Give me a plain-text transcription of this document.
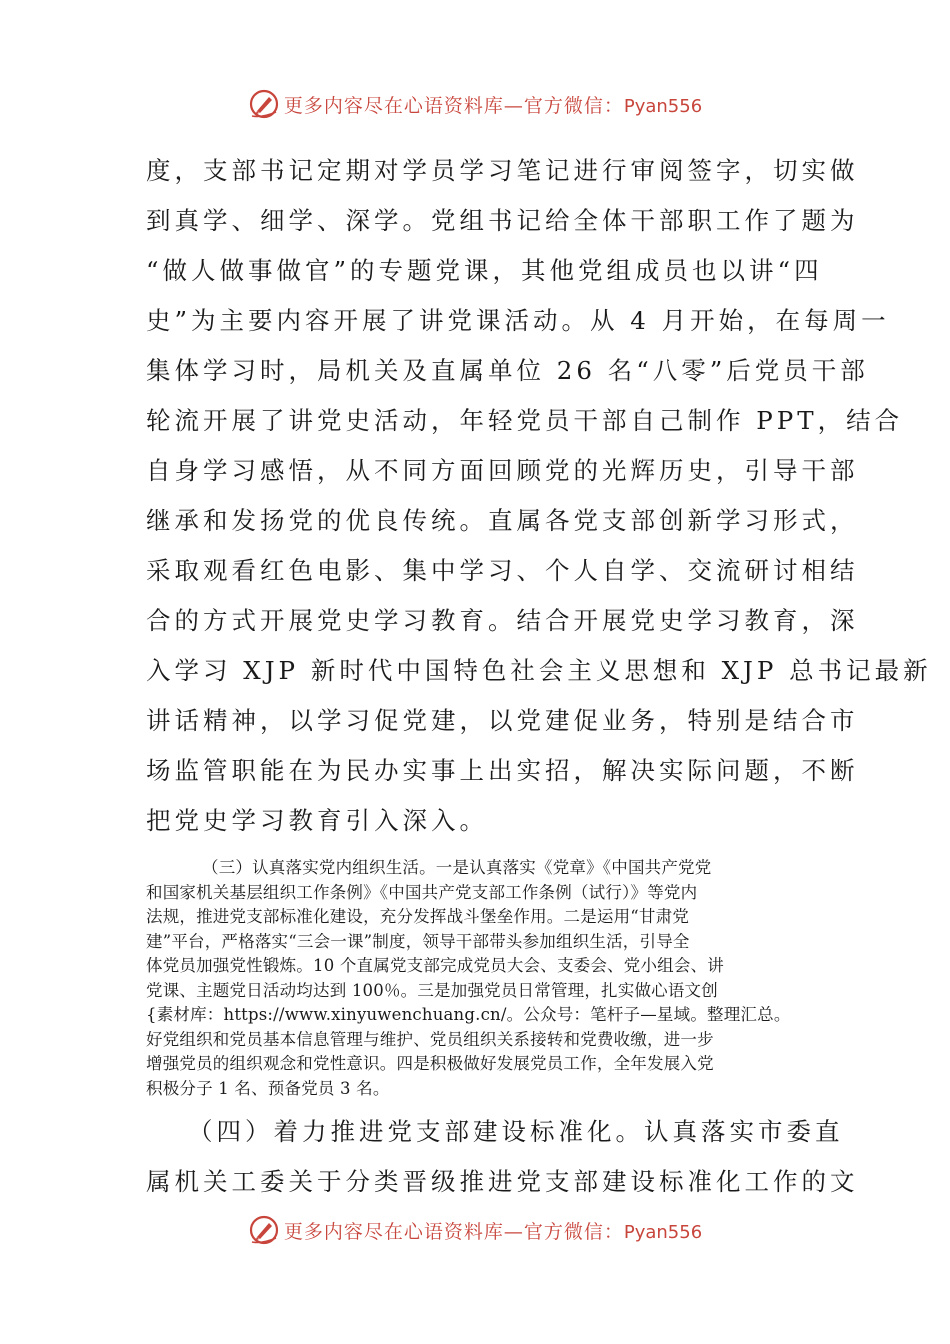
更多内容尽在心语资料库—官方微信：Pyan556
度，支部书记定期对学员学习笔记进行审阅签字，切实做
到真学、细学、深学。党组书记给全体干部职工作了题为
“做人做事做官”的专题党课，其他党组成员也以讲“四
史”为主要内容开展了讲党课活动。从 4 月开始，在每周一
集体学习时，局机关及直属单位 26 名“八零”后党员干部
轮流开展了讲党史活动，年轻党员干部自己制作 PPT，结合
自身学习感悟，从不同方面回顾党的光辉历史，引导干部
继承和发扬党的优良传统。直属各党支部创新学习形式，
采取观看红色电影、集中学习、个人自学、交流研讨相结
合的方式开展党史学习教育。结合开展党史学习教育，深
入学习 XJP 新时代中国特色社会主义思想和 XJP 总书记最新
讲话精神，以学习促党建，以党建促业务，特别是结合市
场监管职能在为民办实事上出实招，解决实际问题，不断
把党史学习教育引入深入。
（三）认真落实党内组织生活。一是认真落实《党章》《中国共产党党
和国家机关基层组织工作条例》《中国共产党支部工作条例（试行）》等党内
法规，推进党支部标准化建设，充分发挥战斗堡垒作用。二是运用“甘肃党
建”平台，严格落实“三会一课”制度，领导干部带头参加组织生活，引导全
体党员加强党性锻炼。10 个直属党支部完成党员大会、支委会、党小组会、讲
党课、主题党日活动均达到 100％。三是加强党员日常管理，扎实做心语文创
{素材库：https://www.xinyuwenchuang.cn/。公众号：笔杆子—星域。整理汇总。
好党组织和党员基本信息管理与维护、党员组织关系接转和党费收缴，进一步
增强党员的组织观念和党性意识。四是积极做好发展党员工作，全年发展入党
积极分子 1 名、预备党员 3 名。
（四）着力推进党支部建设标准化。认真落实市委直
属机关工委关于分类晋级推进党支部建设标准化工作的文
更多内容尽在心语资料库—官方微信：Pyan556
